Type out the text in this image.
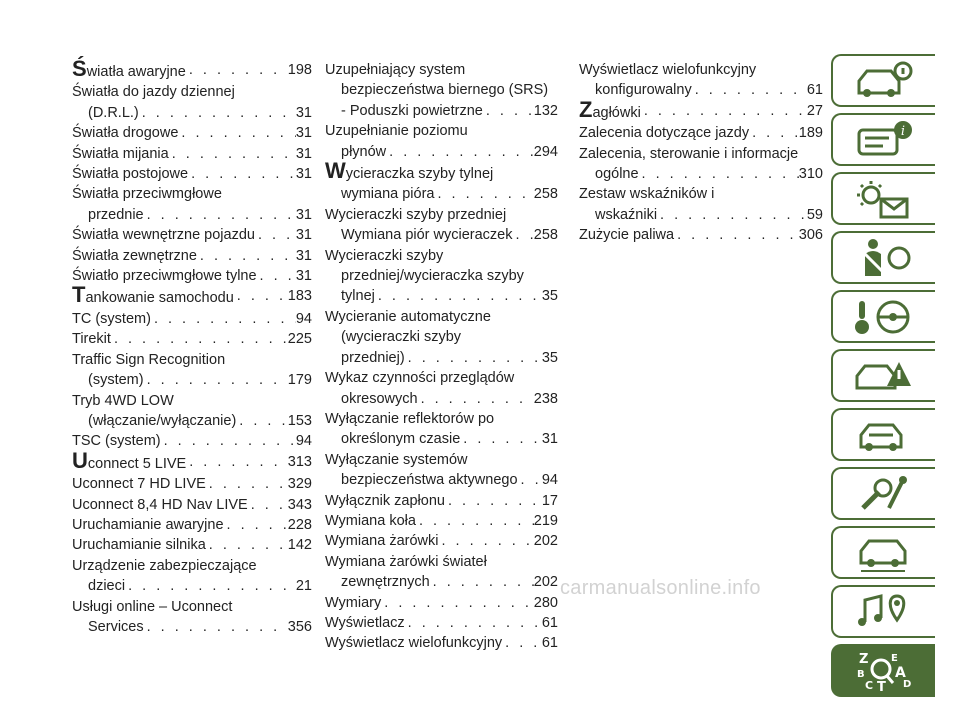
Światła awaryjne . . .	198
Światła do jazdy dziennej
(D.R.L.) . . .	31
Światła drogowe . . .	31
Światła mijania . . .	31
Światła postojowe . . .	31
Światła przeciwmgłowe
przednie . . .	31
Światła wewnętrzne pojazdu . . .	31
Światła zewnętrzne . . .	31
Światło przeciwmgłowe tylne . . .	31
Tankowanie samochodu . . .	183
TC (system) . . .	94
Tirekit . . .	225
Traffic Sign Recognition
(system) . . .	179
Tryb 4WD LOW
(włączanie/wyłączanie) . . .	153
TSC (system) . . .	94
Uconnect 5 LIVE . . .	313
Uconnect 7 HD LIVE . . .	329
Uconnect 8,4 HD Nav LIVE . . .	343
Uruchamianie awaryjne . . .	228
Uruchamianie silnika . . .	142
Urządzenie zabezpieczające
dzieci . . .	21
Usługi online – Uconnect
Services . . .	356
Uzupełniający system
bezpieczeństwa biernego (SRS)
- Poduszki powietrzne . . .	132
Uzupełnianie poziomu
płynów . . .	294
Wycieraczka szyby tylnej
wymiana pióra . . .	258
Wycieraczki szyby przedniej
Wymiana piór wycieraczek . . . 258
Wycieraczki szyby
przedniej/wycieraczka szyby
tylnej . . .	35
Wycieranie automatyczne
(wycieraczki szyby
przedniej) . . .	35
Wykaz czynności przeglądów
okresowych . . .	238
Wyłączanie reflektorów po
określonym czasie . . .	31
Wyłączanie systemów
bezpieczeństwa aktywnego . . . 94
Wyłącznik zapłonu . . .	17
Wymiana koła . . .	219
Wymiana żarówki . . .	202
Wymiana żarówki świateł
zewnętrznych . . .	202
Wymiary . . .	280
Wyświetlacz . . .	61
Wyświetlacz wielofunkcyjny . . .	61
Wyświetlacz wielofunkcyjny
konfigurowalny . . .	61
Zagłówki . . .	27
Zalecenia dotyczące jazdy . . .	189
Zalecenia, sterowanie i informacje
ogólne . . .	310
Zestaw wskaźników i
wskaźniki . . .	59
Zużycie paliwa . . .	306
i
Z E
B A
C T D
carmanualsonline.info
